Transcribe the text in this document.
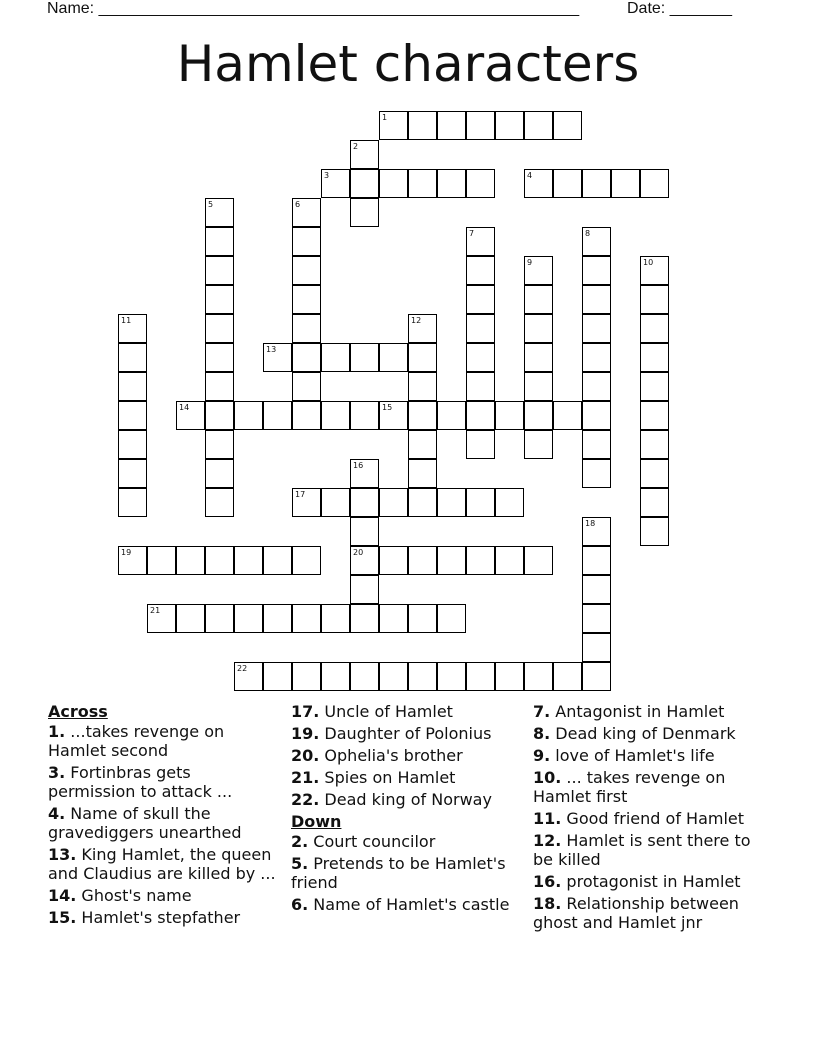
Name: ______________________________________________________	Date: _______
Hamlet characters
1
2
3	4
5	6
7	8
9	10
11	12
13
14	15
16
20
17
18
19
21
22
Across
1. ...takes revenge on Hamlet second
3. Fortinbras gets permission to attack ...
4. Name of skull the gravediggers unearthed
13. King Hamlet, the queen and Claudius are killed by ...
14. Ghost's name
15. Hamlet's stepfather
17. Uncle of Hamlet
19. Daughter of Polonius
20. Ophelia's brother
21. Spies on Hamlet
22. Dead king of Norway
Down
2. Court councilor
5. Pretends to be Hamlet's friend
6. Name of Hamlet's castle
7. Antagonist in Hamlet
8. Dead king of Denmark
9. love of Hamlet's life
10. ... takes revenge on Hamlet first
11. Good friend of Hamlet
12. Hamlet is sent there to be killed
16. protagonist in Hamlet
18. Relationship between ghost and Hamlet jnr
